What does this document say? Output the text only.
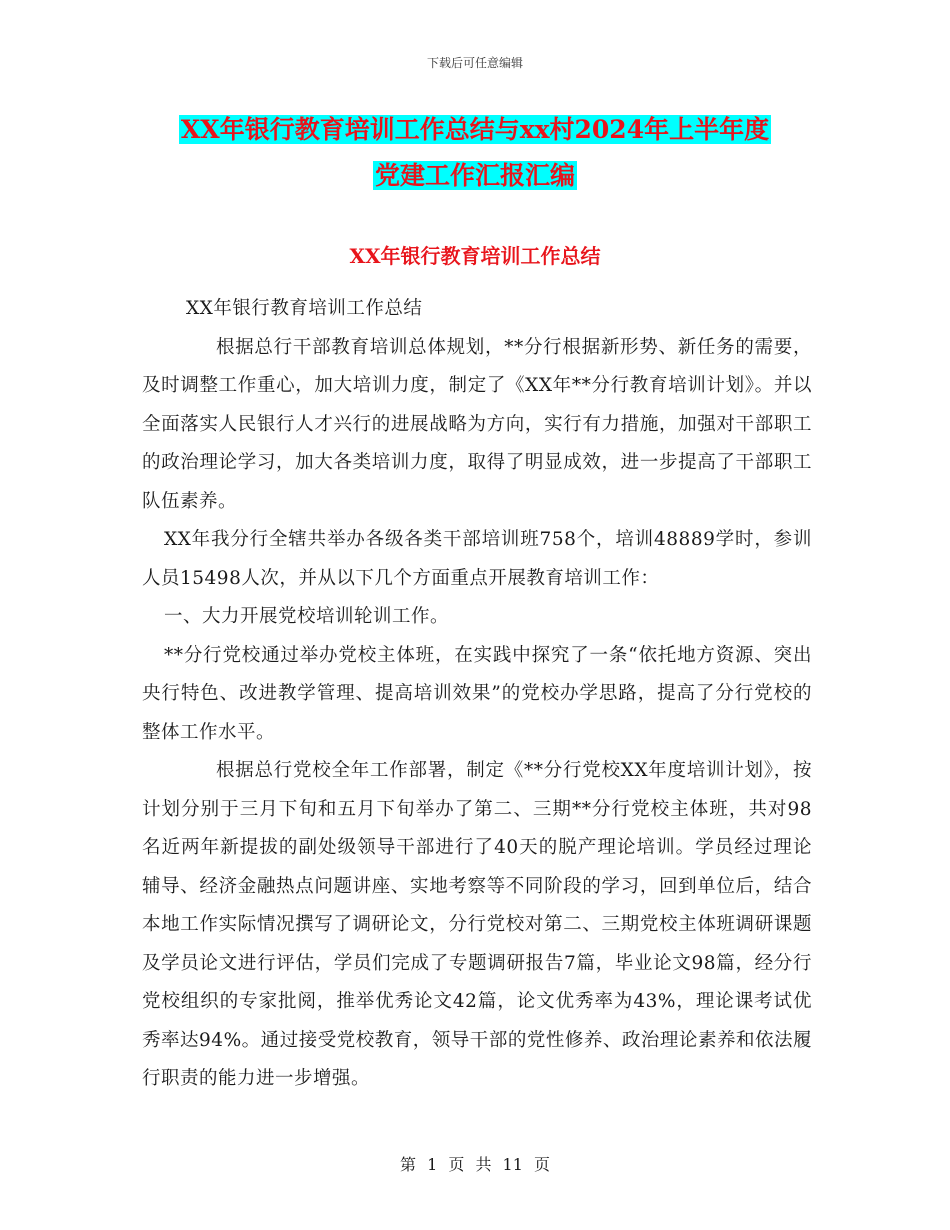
下载后可任意编辑
XX年银行教育培训工作总结与xx村2024年上半年度
党建工作汇报汇编
XX年银行教育培训工作总结

XX年银行教育培训工作总结

根据总行干部教育培训总体规划，**分行根据新形势、新任务的需要，及时调整工作重心，加大培训力度，制定了《XX年**分行教育培训计划》。并以全面落实人民银行人才兴行的进展战略为方向，实行有力措施，加强对干部职工的政治理论学习，加大各类培训力度，取得了明显成效，进一步提高了干部职工队伍素养。

XX年我分行全辖共举办各级各类干部培训班758个，培训48889学时，参训人员15498人次，并从以下几个方面重点开展教育培训工作：

一、大力开展党校培训轮训工作。

**分行党校通过举办党校主体班，在实践中探究了一条“依托地方资源、突出央行特色、改进教学管理、提高培训效果”的党校办学思路，提高了分行党校的整体工作水平。

根据总行党校全年工作部署，制定《**分行党校XX年度培训计划》，按计划分别于三月下旬和五月下旬举办了第二、三期**分行党校主体班，共对98名近两年新提拔的副处级领导干部进行了40天的脱产理论培训。学员经过理论辅导、经济金融热点问题讲座、实地考察等不同阶段的学习，回到单位后，结合本地工作实际情况撰写了调研论文，分行党校对第二、三期党校主体班调研课题及学员论文进行评估，学员们完成了专题调研报告7篇，毕业论文98篇，经分行党校组织的专家批阅，推举优秀论文42篇，论文优秀率为43%，理论课考试优秀率达94%。通过接受党校教育，领导干部的党性修养、政治理论素养和依法履行职责的能力进一步增强。

第 1 页 共 11 页
